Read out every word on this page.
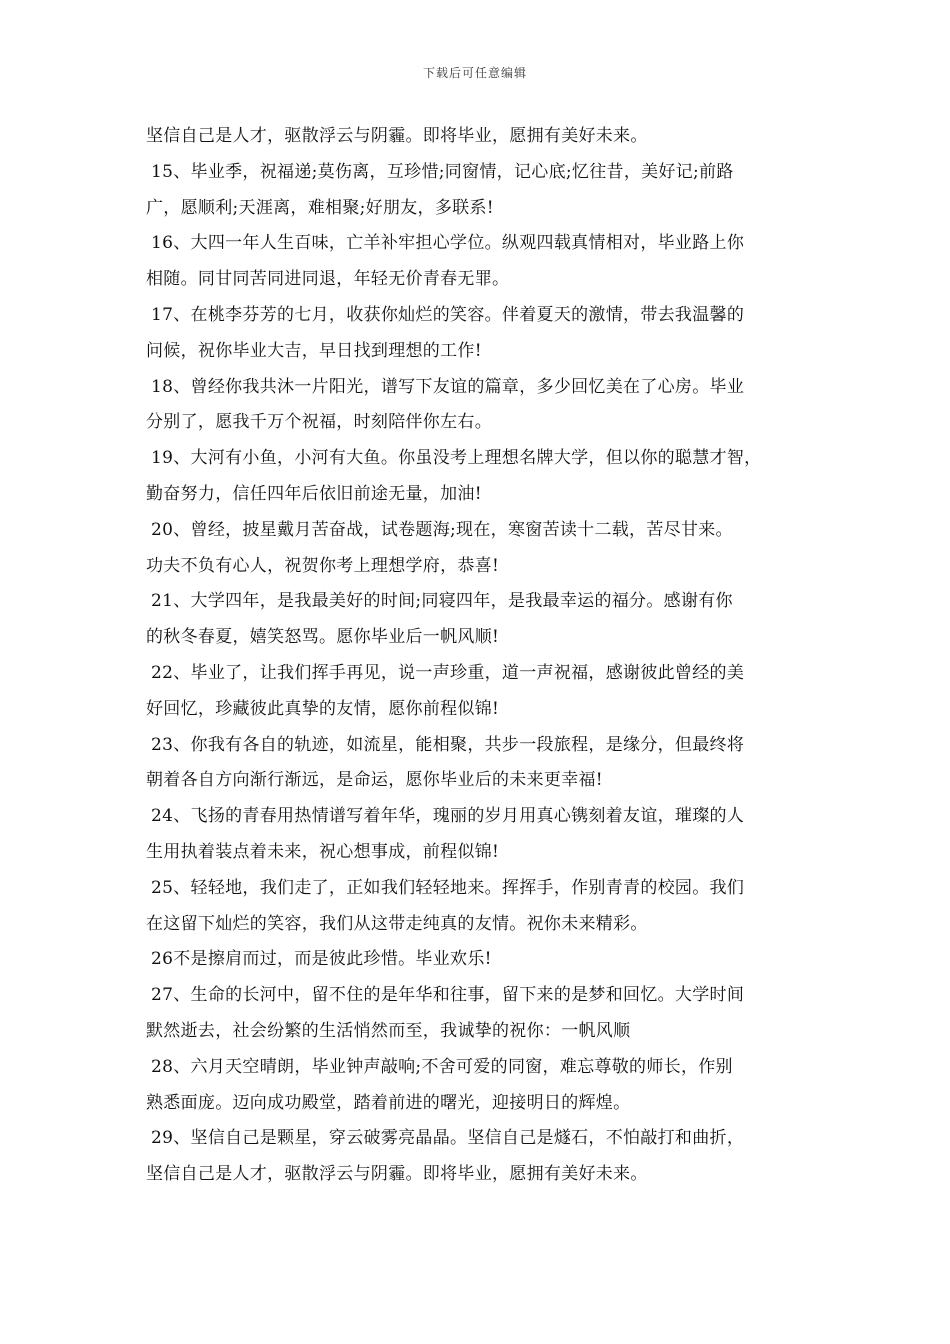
下载后可任意编辑
坚信自己是人才，驱散浮云与阴霾。即将毕业，愿拥有美好未来。
15、毕业季，祝福递;莫伤离，互珍惜;同窗情，记心底;忆往昔，美好记;前路
广，愿顺利;天涯离，难相聚;好朋友，多联系!
16、大四一年人生百味，亡羊补牢担心学位。纵观四载真情相对，毕业路上你
相随。同甘同苦同进同退，年轻无价青春无罪。
17、在桃李芬芳的七月，收获你灿烂的笑容。伴着夏天的激情，带去我温馨的
问候，祝你毕业大吉，早日找到理想的工作!
18、曾经你我共沐一片阳光，谱写下友谊的篇章，多少回忆美在了心房。毕业
分别了，愿我千万个祝福，时刻陪伴你左右。
19、大河有小鱼，小河有大鱼。你虽没考上理想名牌大学，但以你的聪慧才智，
勤奋努力，信任四年后依旧前途无量，加油!
20、曾经，披星戴月苦奋战，试卷题海;现在，寒窗苦读十二载，苦尽甘来。
功夫不负有心人，祝贺你考上理想学府，恭喜!
21、大学四年，是我最美好的时间;同寝四年，是我最幸运的福分。感谢有你
的秋冬春夏，嬉笑怒骂。愿你毕业后一帆风顺!
22、毕业了，让我们挥手再见，说一声珍重，道一声祝福，感谢彼此曾经的美
好回忆，珍藏彼此真挚的友情，愿你前程似锦!
23、你我有各自的轨迹，如流星，能相聚，共步一段旅程，是缘分，但最终将
朝着各自方向渐行渐远，是命运，愿你毕业后的未来更幸福!
24、飞扬的青春用热情谱写着年华，瑰丽的岁月用真心镌刻着友谊，璀璨的人
生用执着装点着未来，祝心想事成，前程似锦!
25、轻轻地，我们走了，正如我们轻轻地来。挥挥手，作别青青的校园。我们
在这留下灿烂的笑容，我们从这带走纯真的友情。祝你未来精彩。
26不是擦肩而过，而是彼此珍惜。毕业欢乐!
27、生命的长河中，留不住的是年华和往事，留下来的是梦和回忆。大学时间
默然逝去，社会纷繁的生活悄然而至，我诚挚的祝你：一帆风顺
28、六月天空晴朗，毕业钟声敲响;不舍可爱的同窗，难忘尊敬的师长，作别
熟悉面庞。迈向成功殿堂，踏着前进的曙光，迎接明日的辉煌。
29、坚信自己是颗星，穿云破雾亮晶晶。坚信自己是燧石，不怕敲打和曲折，
坚信自己是人才，驱散浮云与阴霾。即将毕业，愿拥有美好未来。
